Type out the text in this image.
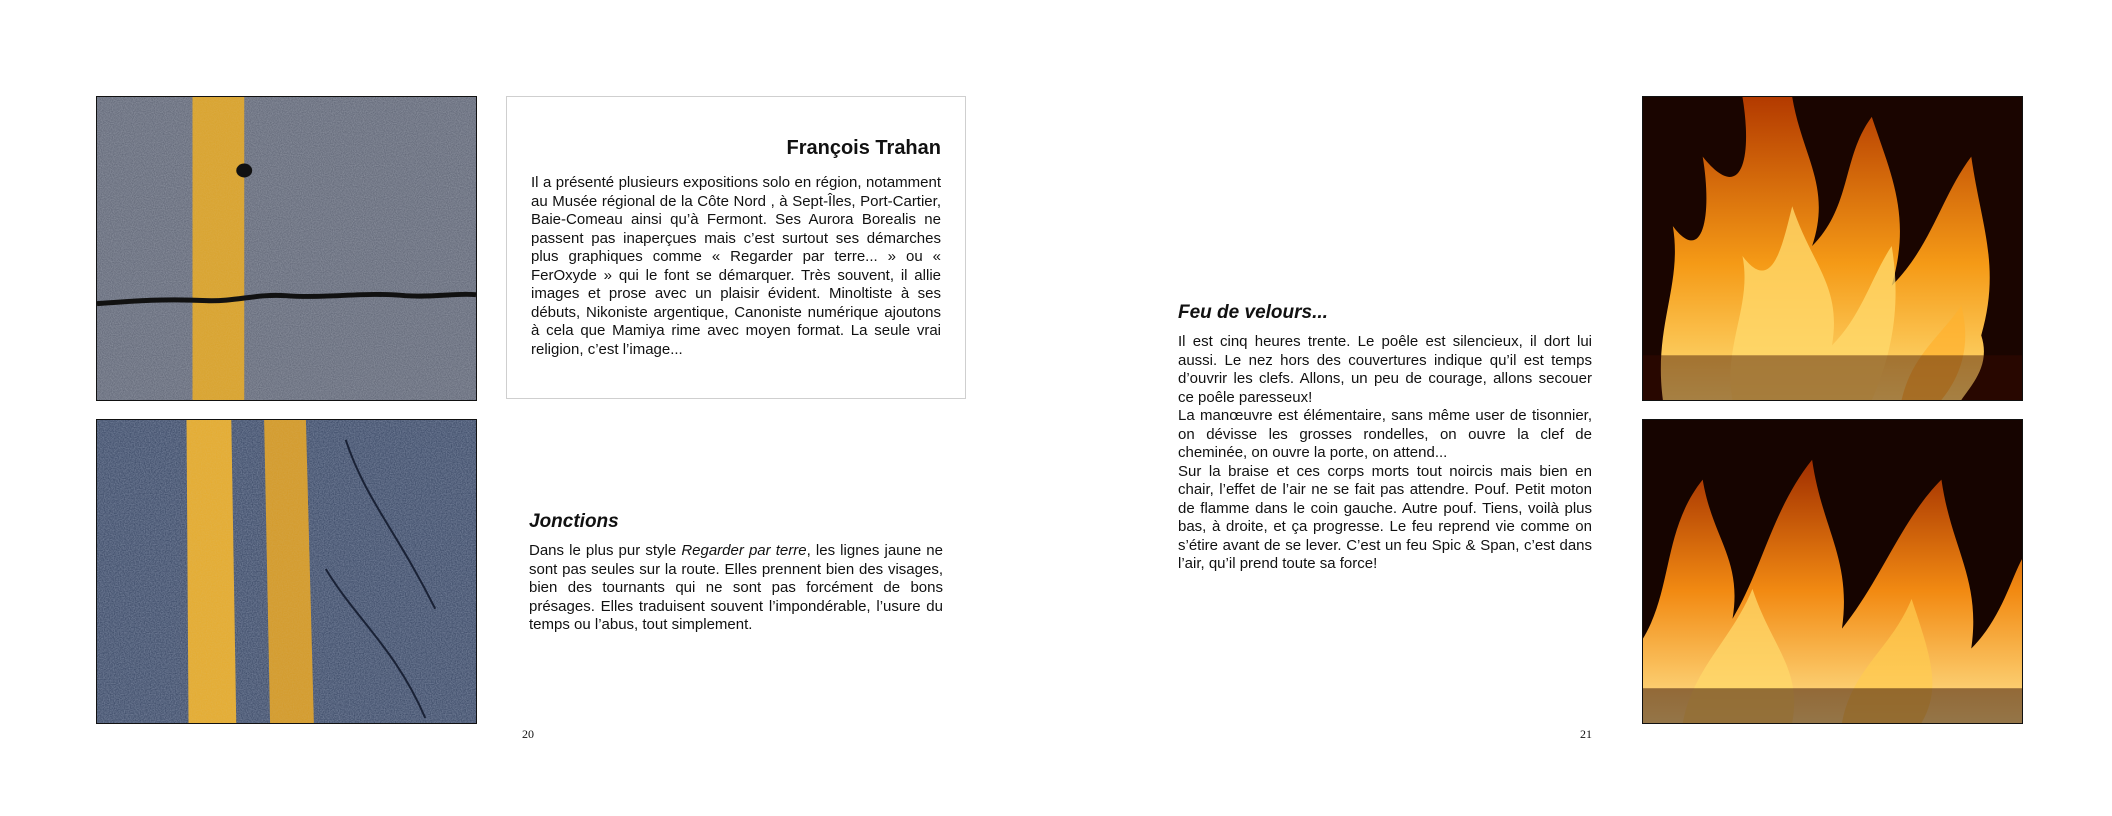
François Trahan

Il a présenté plusieurs expositions solo en région, notamment au Musée régional de la Côte Nord , à Sept-Îles, Port-Cartier, Baie-Comeau ainsi qu’à Fermont. Ses Aurora Borealis ne passent pas inaperçues mais c’est surtout ses démarches plus graphiques comme « Regarder par terre... » ou « FerOxyde » qui le font se démarquer. Très souvent, il allie images et prose avec un plaisir évident. Minoltiste à ses débuts, Nikoniste argentique, Canoniste numérique ajoutons à cela que Mamiya rime avec moyen format. La seule vrai religion, c’est l’image...

Jonctions

Dans le plus pur style Regarder par terre, les lignes jaune ne sont pas seules sur la route. Elles prennent bien des visages, bien des tournants qui ne sont pas forcément de bons présages. Elles traduisent souvent l’impondérable, l’usure du temps ou l’abus, tout simplement.

20

Feu de velours...

Il est cinq heures trente. Le poêle est silencieux, il dort lui aussi. Le nez hors des couvertures indique qu’il est temps d’ouvrir les clefs. Allons, un peu de courage, allons secouer ce poêle paresseux!

La manœuvre est élémentaire, sans même user de tisonnier, on dévisse les grosses rondelles, on ouvre la clef de cheminée, on ouvre la porte, on attend...

Sur la braise et ces corps morts tout noircis mais bien en chair, l’effet de l’air ne se fait pas attendre. Pouf. Petit moton de flamme dans le coin gauche. Autre pouf. Tiens, voilà plus bas, à droite, et ça progresse. Le feu reprend vie comme on s’étire avant de se lever. C’est un feu Spic & Span, c’est dans l’air, qu’il prend toute sa force!

21
